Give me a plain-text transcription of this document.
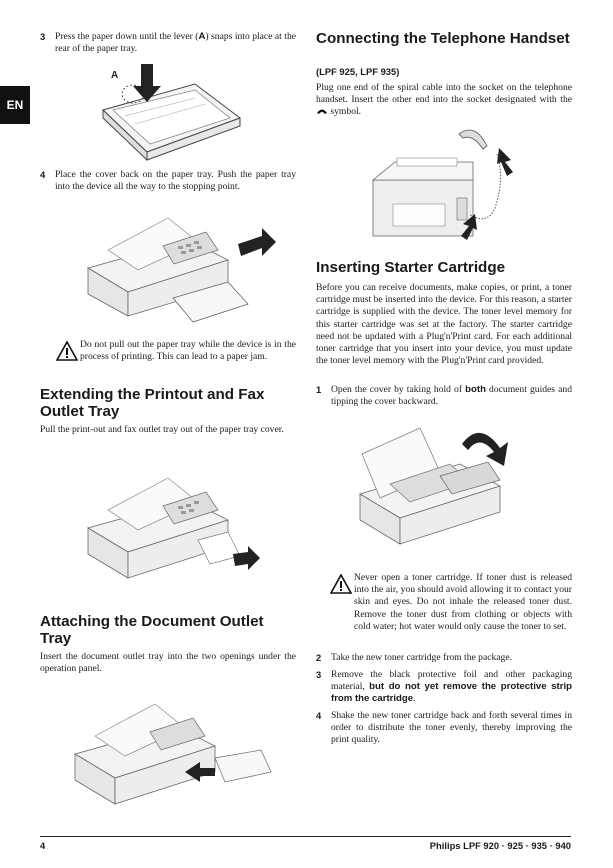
EN
3 Press the paper down until the lever (A) snaps into place at the rear of the paper tray.
A
4 Place the cover back on the paper tray. Push the paper tray into the device all the way to the stopping point.
Do not pull out the paper tray while the device is in the process of printing. This can lead to a paper jam.
Extending the Printout and Fax Outlet Tray
Pull the print-out and fax outlet tray out of the paper tray cover.
Attaching the Document Outlet Tray
Insert the document outlet tray into the two openings under the operation panel.
Connecting the Telephone Handset
(LPF 925, LPF 935)
Plug one end of the spiral cable into the socket on the telephone handset. Insert the other end into the socket designated with the  symbol.
Inserting Starter Cartridge
Before you can receive documents, make copies, or print, a toner cartridge must be inserted into the device. For this reason, a starter cartridge is supplied with the device. The toner level memory for this starter cartridge was set at the factory. The starter cartridge need not be updated with a Plug'n'Print card. For each additional toner cartridge that you insert into your device, you must update the toner level memory with the Plug'n'Print card provided.
1 Open the cover by taking hold of both document guides and tipping the cover backward.
Never open a toner cartridge. If toner dust is released into the air, you should avoid allowing it to contact your skin and eyes. Do not inhale the released toner dust. Remove the toner dust from clothing or objects with cold water; hot water would only cause the toner to set.
2 Take the new toner cartridge from the package.
3 Remove the black protective foil and other packaging material, but do not yet remove the protective strip from the cartridge.
4 Shake the new toner cartridge back and forth several times in order to distribute the toner evenly, thereby improving the print quality.
4	Philips LPF 920 · 925 · 935 · 940
